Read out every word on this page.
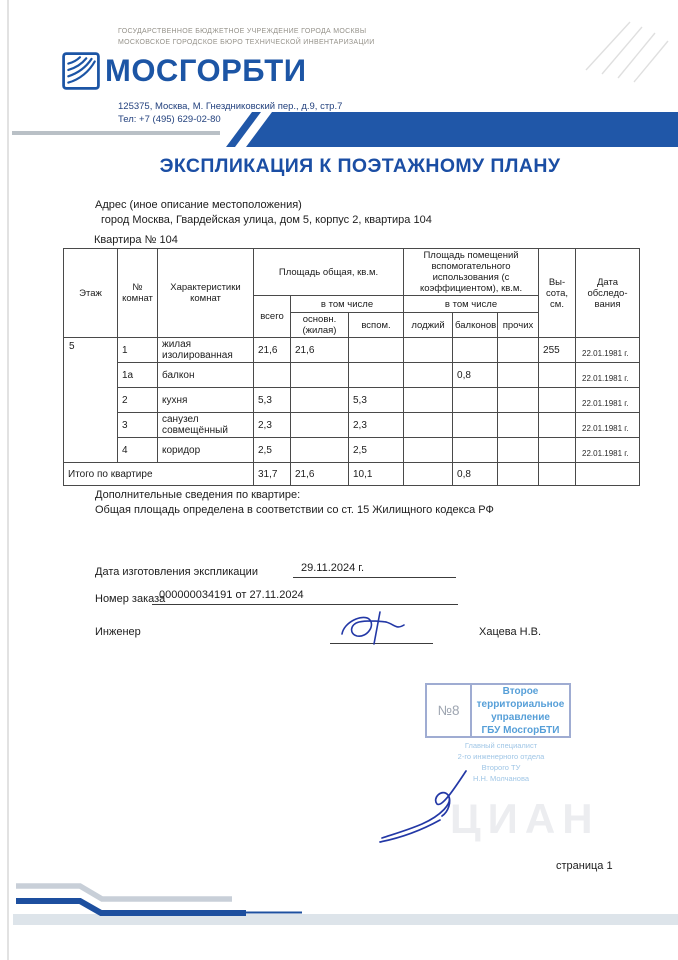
ГОСУДАРСТВЕННОЕ БЮДЖЕТНОЕ УЧРЕЖДЕНИЕ ГОРОДА МОСКВЫ
МОСКОВСКОЕ ГОРОДСКОЕ БЮРО ТЕХНИЧЕСКОЙ ИНВЕНТАРИЗАЦИИ
МОСГОРБТИ
125375, Москва, М. Гнездниковский пер., д.9, стр.7
Тел: +7 (495) 629-02-80
ЭКСПЛИКАЦИЯ К ПОЭТАЖНОМУ ПЛАНУ
Адрес (иное описание местоположения)
город Москва, Гвардейская улица, дом 5, корпус 2, квартира 104
Квартира № 104
Этаж	№ комнат	Характеристики комнат	Площадь общая, кв.м.			Площадь помещений вспомогательного использования (с коэффициентом), кв.м.			Вы-сота, см.	Дата обследо-вания
			всего	в том числе		в том числе				
				основн. (жилая)	вспом.	лоджий	балконов	прочих		
5	1	жилая изолированная	21,6	21,6					255	22.01.1981 г.
	1а	балкон					0,8			22.01.1981 г.
	2	кухня	5,3		5,3					22.01.1981 г.
	3	санузел совмещённый	2,3		2,3					22.01.1981 г.
	4	коридор	2,5		2,5					22.01.1981 г.
Итого по квартире			31,7	21,6	10,1		0,8			
Дополнительные сведения по квартире:
Общая площадь определена в соответствии со ст. 15 Жилищного кодекса РФ
Дата изготовления экспликации	29.11.2024 г.
Номер заказа
000000034191 от 27.11.2024
Инженер	Хацева Н.В.
ЦИАН
№8
Второе территориальное
управление
ГБУ МосгорБТИ
Главный специалист
2-го инженерного отдела
Второго ТУ
Н.Н. Молчанова
страница 1
